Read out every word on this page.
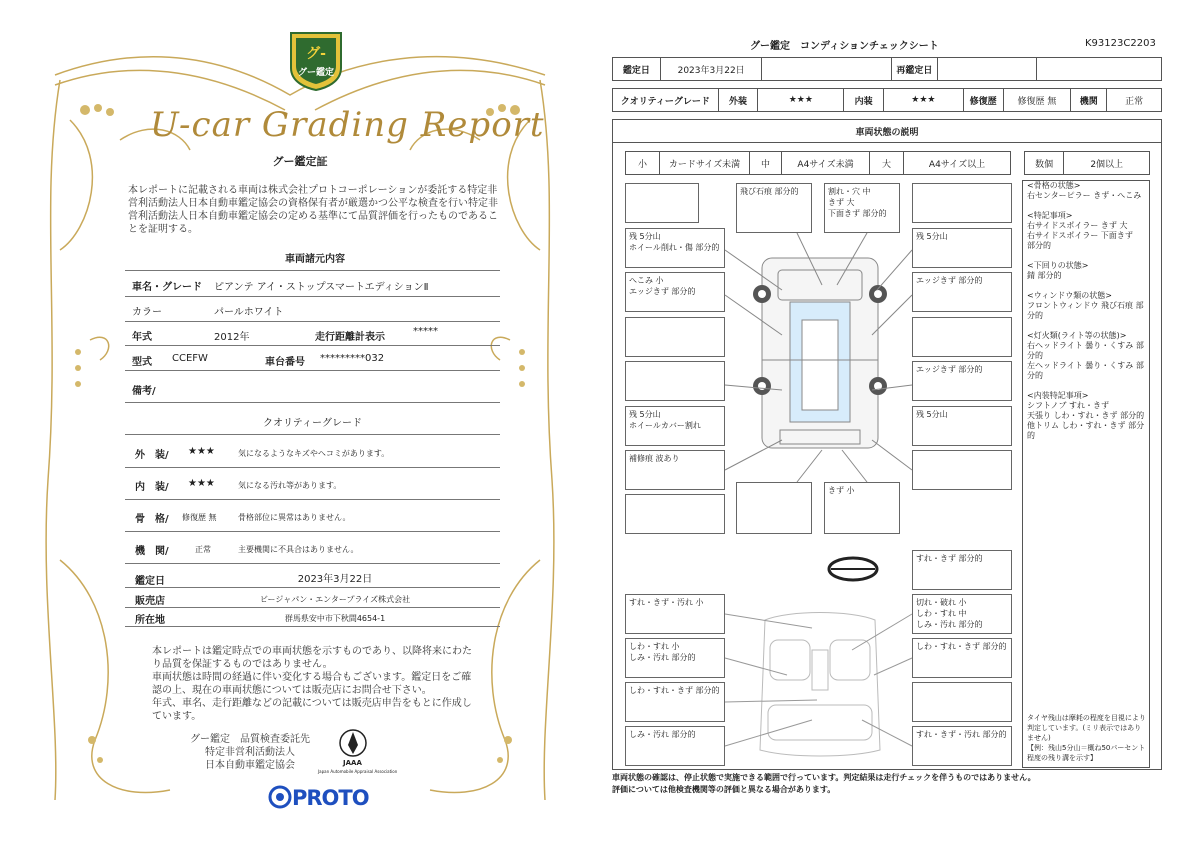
グ-
グー鑑定
U-car Grading Report
グー鑑定証
本レポートに記載される車両は株式会社プロトコーポレーションが委託する特定非営利活動法人日本自動車鑑定協会の資格保有者が厳選かつ公平な検査を行い特定非営利活動法人日本自動車鑑定協会の定める基準にて品質評価を行ったものであることを証明する。
車両諸元内容
車名・グレード ピアンテ アイ・ストップスマートエディションⅡ
カラー	パールホワイト
年式	2012年	走行距離計表示
*****
型式 CCEFW	車台番号 *********032
備考/
クオリティーグレード
外　装/ ★★★	気になるようなキズやヘコミがあります。
内　装/ ★★★	気になる汚れ等があります。
骨　格/ 修復歴 無	骨格部位に異常はありません。
機　関/	正常	主要機関に不具合はありません。
鑑定日	2023年3月22日
販売店	ビージャパン・エンタープライズ株式会社
所在地	群馬県安中市下秋間4654-1
本レポートは鑑定時点での車両状態を示すものであり、以降将来にわたり品質を保証するものではありません。
車両状態は時間の経過に伴い変化する場合もございます。鑑定日をご確認の上、現在の車両状態については販売店にお問合せ下さい。
年式、車名、走行距離などの記載については販売店申告をもとに作成しています。
グー鑑定　品質検査委託先
特定非営利活動法人
日本自動車鑑定協会	JAAA
Japan Automobile Appraisal Association
PROTO
グー鑑定　コンディションチェックシート	K93123C2203
鑑定日	2023年3月22日	再鑑定日
クオリティーグレード	外装	★★★	内装	★★★	修復歴	修復歴 無	機関	正常
車両状態の説明
小	カードサイズ未満	中	A4サイズ未満	大	A4サイズ以上	数個	2個以上
<骨格の状態>
右センターピラー きず・へこみ

<特記事項>
右サイドスポイラー きず 大
右サイドスポイラー 下面きず
部分的

<下回りの状態>
錆 部分的

<ウィンドウ類の状態>
フロントウィンドウ 飛び石痕 部分的

<灯火類(ライト等の状態)>
右ヘッドライト 曇り・くすみ 部分的
左ヘッドライト 曇り・くすみ 部分的

<内装特記事項>
シフトノブ すれ・きず
天張り しわ・すれ・きず 部分的
他トリム しわ・すれ・きず 部分的
タイヤ残山は摩耗の程度を目視により判定しています。(ミリ表示ではありません)
【例：残山5分山＝概ね50パーセント程度の残り溝を示す】
飛び石痕 部分的	割れ・穴 中
きず 大
下面きず 部分的
残 5分山
ホイール削れ・傷 部分的
残 5分山
へこみ 小
エッジきず 部分的
エッジきず 部分的
エッジきず 部分的
残 5分山
ホイールカバー割れ
残 5分山
補修痕 波あり
きず 小
すれ・きず 部分的
すれ・きず・汚れ 小	切れ・破れ 小
しわ・すれ 中
しみ・汚れ 部分的
しわ・すれ 小
しみ・汚れ 部分的
しわ・すれ・きず 部分的
しわ・すれ・きず 部分的
しみ・汚れ 部分的	すれ・きず・汚れ 部分的
車両状態の確認は、停止状態で実施できる範囲で行っています。判定結果は走行チェックを伴うものではありません。
評価については他検査機関等の評価と異なる場合があります。
